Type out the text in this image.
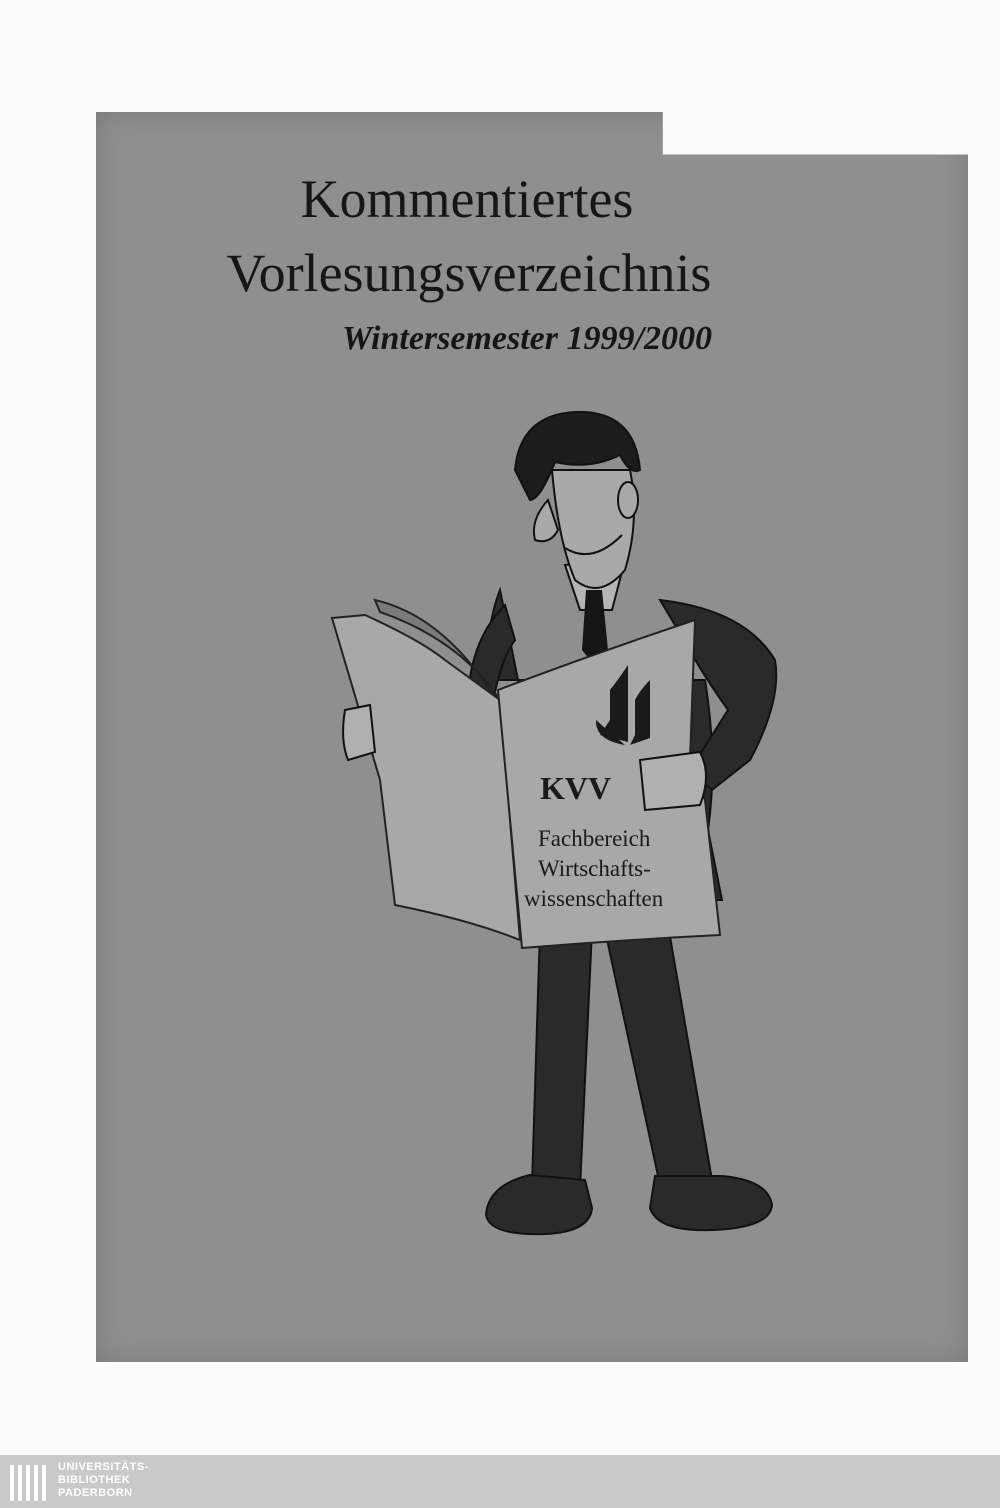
Kommentiertes
Vorlesungsverzeichnis
Wintersemester 1999/2000
KVV
Fachbereich
Wirtschafts-
wissenschaften
UNIVERSITÄTS-
BIBLIOTHEK
PADERBORN
